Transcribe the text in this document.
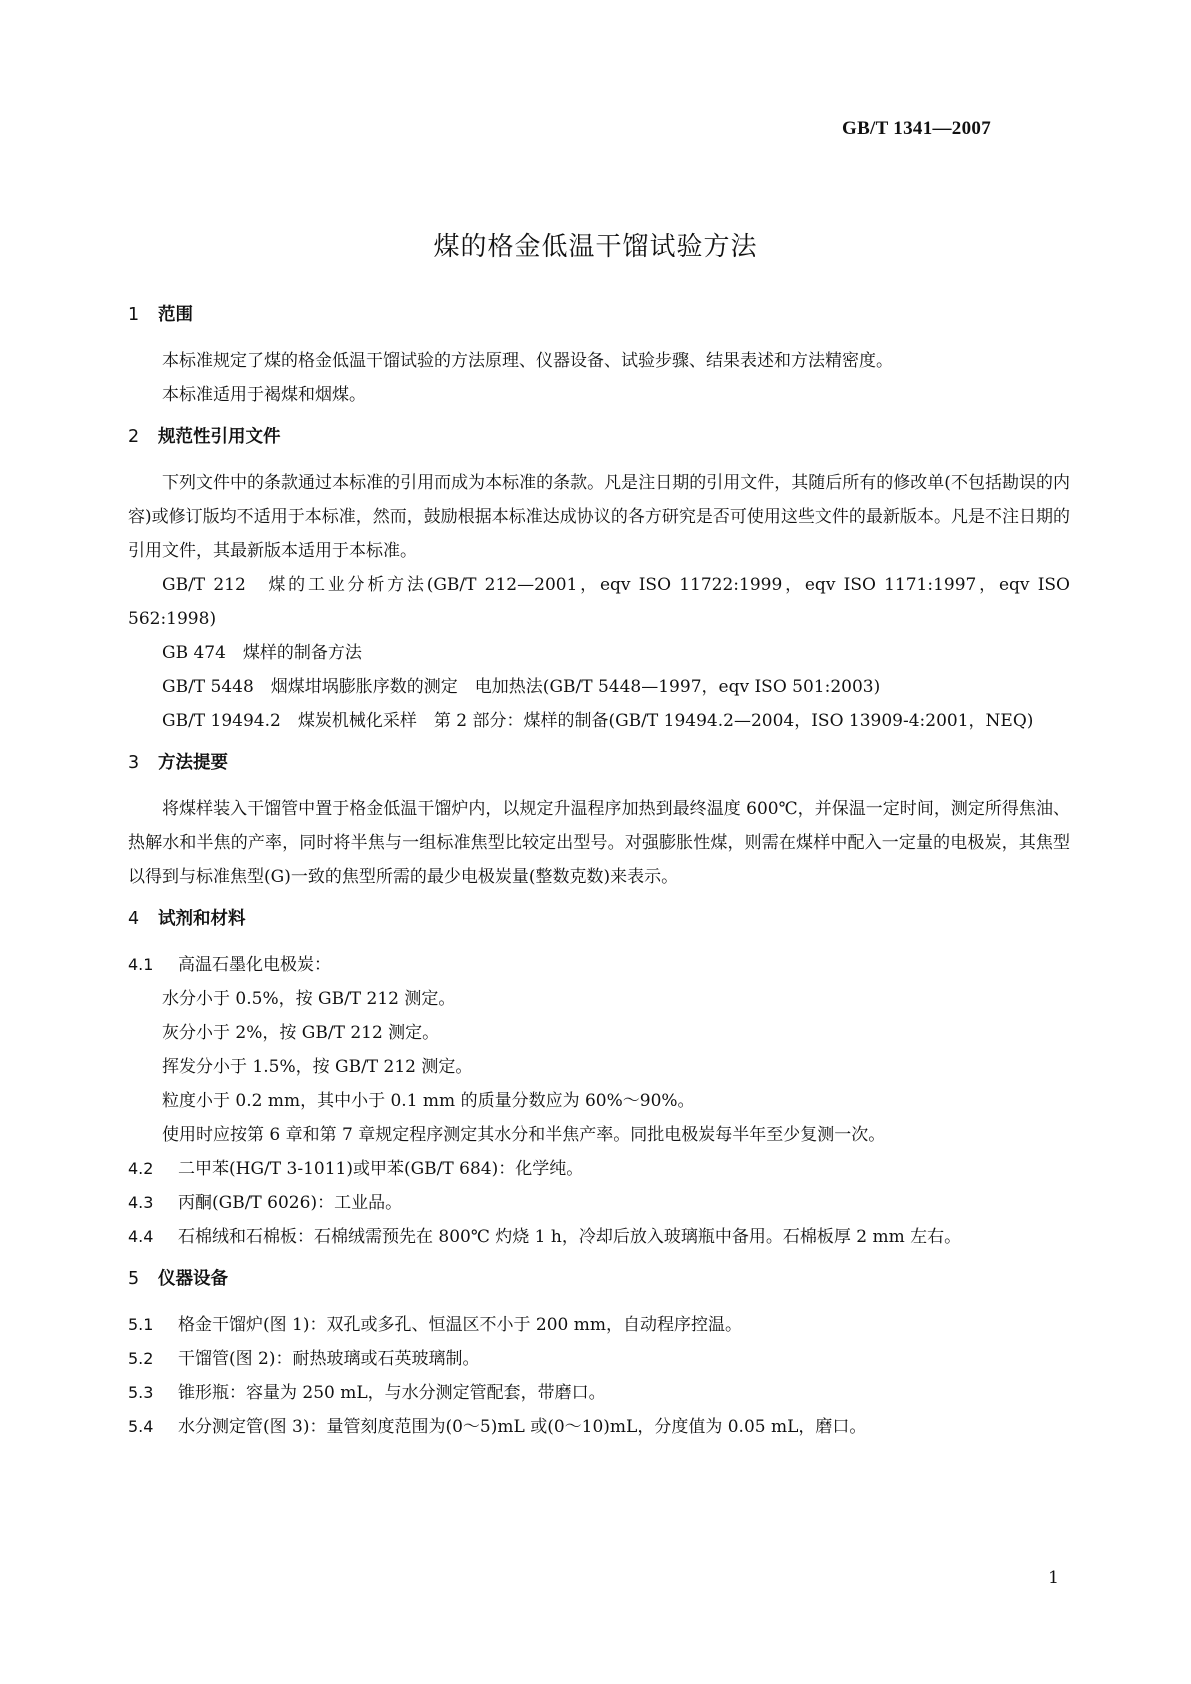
GB/T 1341—2007
煤的格金低温干馏试验方法
1 范围

本标准规定了煤的格金低温干馏试验的方法原理、仪器设备、试验步骤、结果表述和方法精密度。

本标准适用于褐煤和烟煤。

2 规范性引用文件

下列文件中的条款通过本标准的引用而成为本标准的条款。凡是注日期的引用文件，其随后所有的修改单(不包括勘误的内容)或修订版均不适用于本标准，然而，鼓励根据本标准达成协议的各方研究是否可使用这些文件的最新版本。凡是不注日期的引用文件，其最新版本适用于本标准。

GB/T 212　煤的工业分析方法(GB/T 212—2001，eqv ISO 11722:1999，eqv ISO 1171:1997，eqv ISO 562:1998)

GB 474　煤样的制备方法

GB/T 5448　烟煤坩埚膨胀序数的测定　电加热法(GB/T 5448—1997，eqv ISO 501:2003)

GB/T 19494.2　煤炭机械化采样　第 2 部分：煤样的制备(GB/T 19494.2—2004，ISO 13909-4:2001，NEQ)

3 方法提要

将煤样装入干馏管中置于格金低温干馏炉内，以规定升温程序加热到最终温度 600℃，并保温一定时间，测定所得焦油、热解水和半焦的产率，同时将半焦与一组标准焦型比较定出型号。对强膨胀性煤，则需在煤样中配入一定量的电极炭，其焦型以得到与标准焦型(G)一致的焦型所需的最少电极炭量(整数克数)来表示。

4 试剂和材料

4.1 高温石墨化电极炭：

水分小于 0.5%，按 GB/T 212 测定。

灰分小于 2%，按 GB/T 212 测定。

挥发分小于 1.5%，按 GB/T 212 测定。

粒度小于 0.2 mm，其中小于 0.1 mm 的质量分数应为 60%～90%。

使用时应按第 6 章和第 7 章规定程序测定其水分和半焦产率。同批电极炭每半年至少复测一次。

4.2 二甲苯(HG/T 3-1011)或甲苯(GB/T 684)：化学纯。

4.3 丙酮(GB/T 6026)：工业品。

4.4 石棉绒和石棉板：石棉绒需预先在 800℃ 灼烧 1 h，冷却后放入玻璃瓶中备用。石棉板厚 2 mm 左右。

5 仪器设备

5.1 格金干馏炉(图 1)：双孔或多孔、恒温区不小于 200 mm，自动程序控温。

5.2 干馏管(图 2)：耐热玻璃或石英玻璃制。

5.3 锥形瓶：容量为 250 mL，与水分测定管配套，带磨口。

5.4 水分测定管(图 3)：量管刻度范围为(0～5)mL 或(0～10)mL，分度值为 0.05 mL，磨口。

1
